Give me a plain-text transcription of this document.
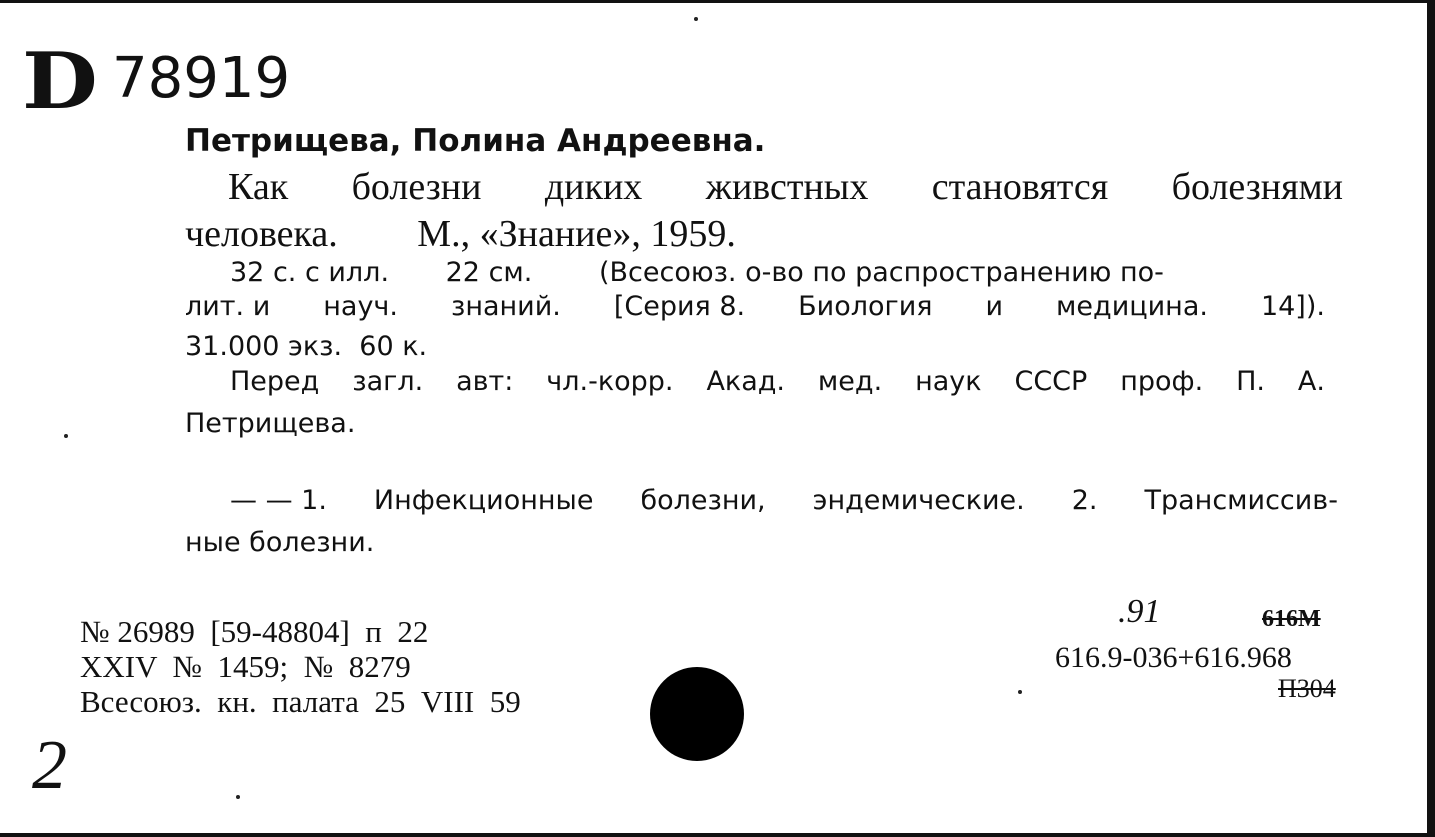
D 78919
Петрищева, Полина Андреевна.
Как болезни диких живстных становятся болезнями
человека. М., «Знание», 1959.
32 с. с илл. 22 см. (Всесоюз. о-во по распространению по-
лит. и науч. знаний. [Серия 8. Биология и медицина. 14]).
31.000 экз.  60 к.
Перед загл. авт: чл.-корр. Акад. мед. наук СССР проф. П. А.
Петрищева.
— — 1. Инфекционные болезни, эндемические. 2. Трансмиссив-
ные болезни.
№ 26989  [59-48804]  п  22
XXIV  №  1459;  №  8279
Всесоюз.  кн.  палата  25  VIII  59
.91	616M
616.9-036+616.968
П304
2
